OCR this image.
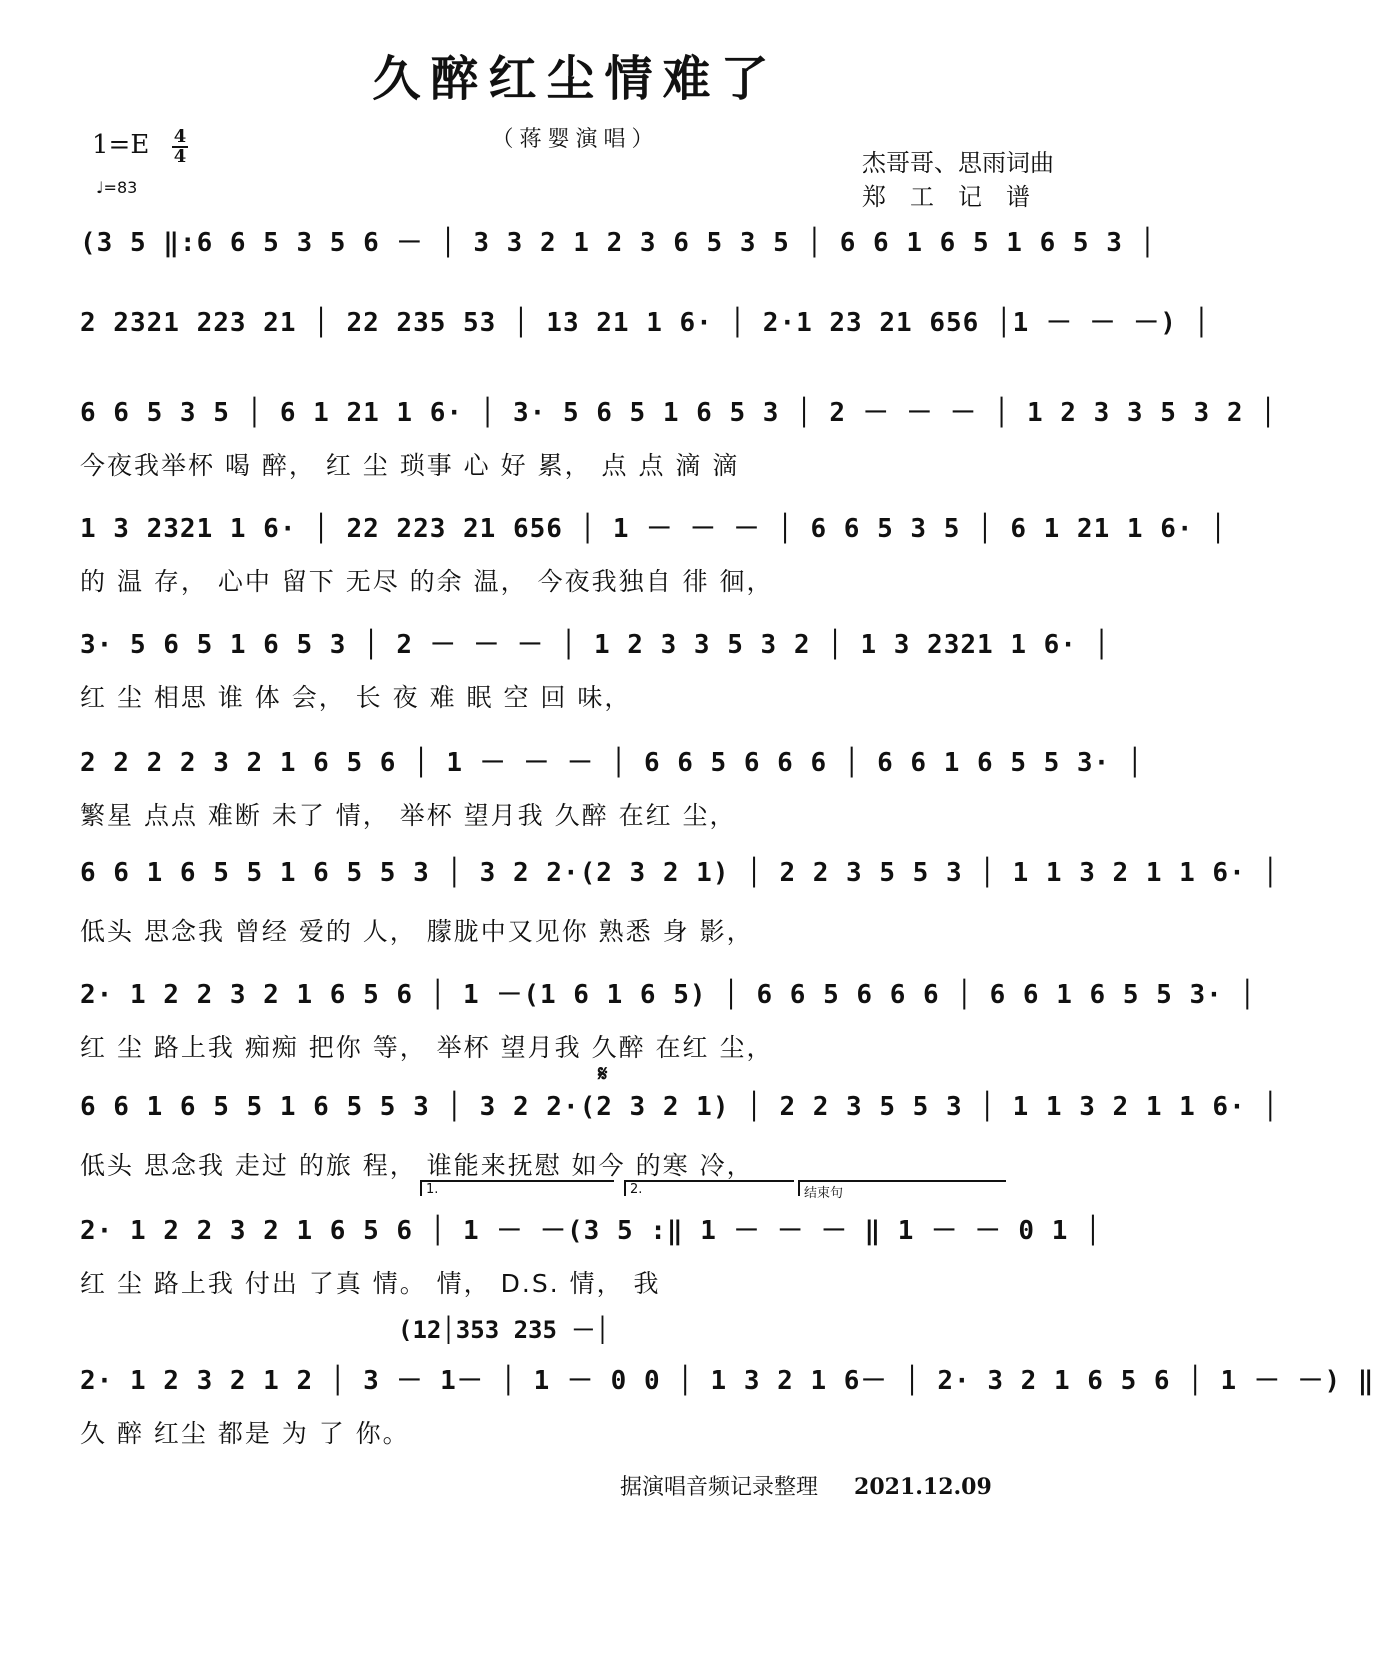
久醉红尘情难了
（蒋婴演唱）
1=E 4
4
♩=83
杰哥哥、思雨词曲
郑　工　记　谱
(3 5 ‖:6 6 5 3 5 6 － │ 3 3 2 1 2 3 6 5 3 5 │ 6 6 1 6 5 1 6 5 3 │
2 2321 223 21 │ 22 235 53 │ 13 21 1 6· │ 2·1 23 21 656 │1 － － －) │
6 6 5 3 5 │ 6 1 21 1 6· │ 3· 5 6 5 1 6 5 3 │ 2 － － － │ 1 2 3 3 5 3 2 │
今夜我举杯 喝 醉， 红 尘 琐事 心 好 累， 点 点 滴 滴
1 3 2321 1 6· │ 22 223 21 656 │ 1 － － － │ 6 6 5 3 5 │ 6 1 21 1 6· │
的 温 存， 心中 留下 无尽 的余 温， 今夜我独自 徘 徊，
3· 5 6 5 1 6 5 3 │ 2 － － － │ 1 2 3 3 5 3 2 │ 1 3 2321 1 6· │
红 尘 相思 谁 体 会， 长 夜 难 眠 空 回 味，
2 2 2 2 3 2 1 6 5 6 │ 1 － － － │ 6 6 5 6 6 6 │ 6 6 1 6 5 5 3· │
繁星 点点 难断 未了 情， 举杯 望月我 久醉 在红 尘，
6 6 1 6 5 5 1 6 5 5 3 │ 3 2 2·(2 3 2 1) │ 2 2 3 5 5 3 │ 1 1 3 2 1 1 6· │
低头 思念我 曾经 爱的 人， 朦胧中又见你 熟悉 身 影，
2· 1 2 2 3 2 1 6 5 6 │ 1 －(1 6 1 6 5) │ 6 6 5 6 6 6 │ 6 6 1 6 5 5 3· │
红 尘 路上我 痴痴 把你 等， 举杯 望月我 久醉 在红 尘，
𝄋
6 6 1 6 5 5 1 6 5 5 3 │ 3 2 2·(2 3 2 1) │ 2 2 3 5 5 3 │ 1 1 3 2 1 1 6· │
低头 思念我 走过 的旅 程， 谁能来抚慰 如今 的寒 冷，
1.	2.	结束句
2· 1 2 2 3 2 1 6 5 6 │ 1 － －(3 5 :‖ 1 － － － ‖ 1 － － 0 1 │
红 尘 路上我 付出 了真 情。 情， D.S. 情， 我
(12│353 235 －│
2· 1 2 3 2 1 2 │ 3 － 1－ │ 1 － 0 0 │ 1 3 2 1 6－ │ 2· 3 2 1 6 5 6 │ 1 － －) ‖
久 醉 红尘 都是 为 了 你。
据演唱音频记录整理 2021.12.09
